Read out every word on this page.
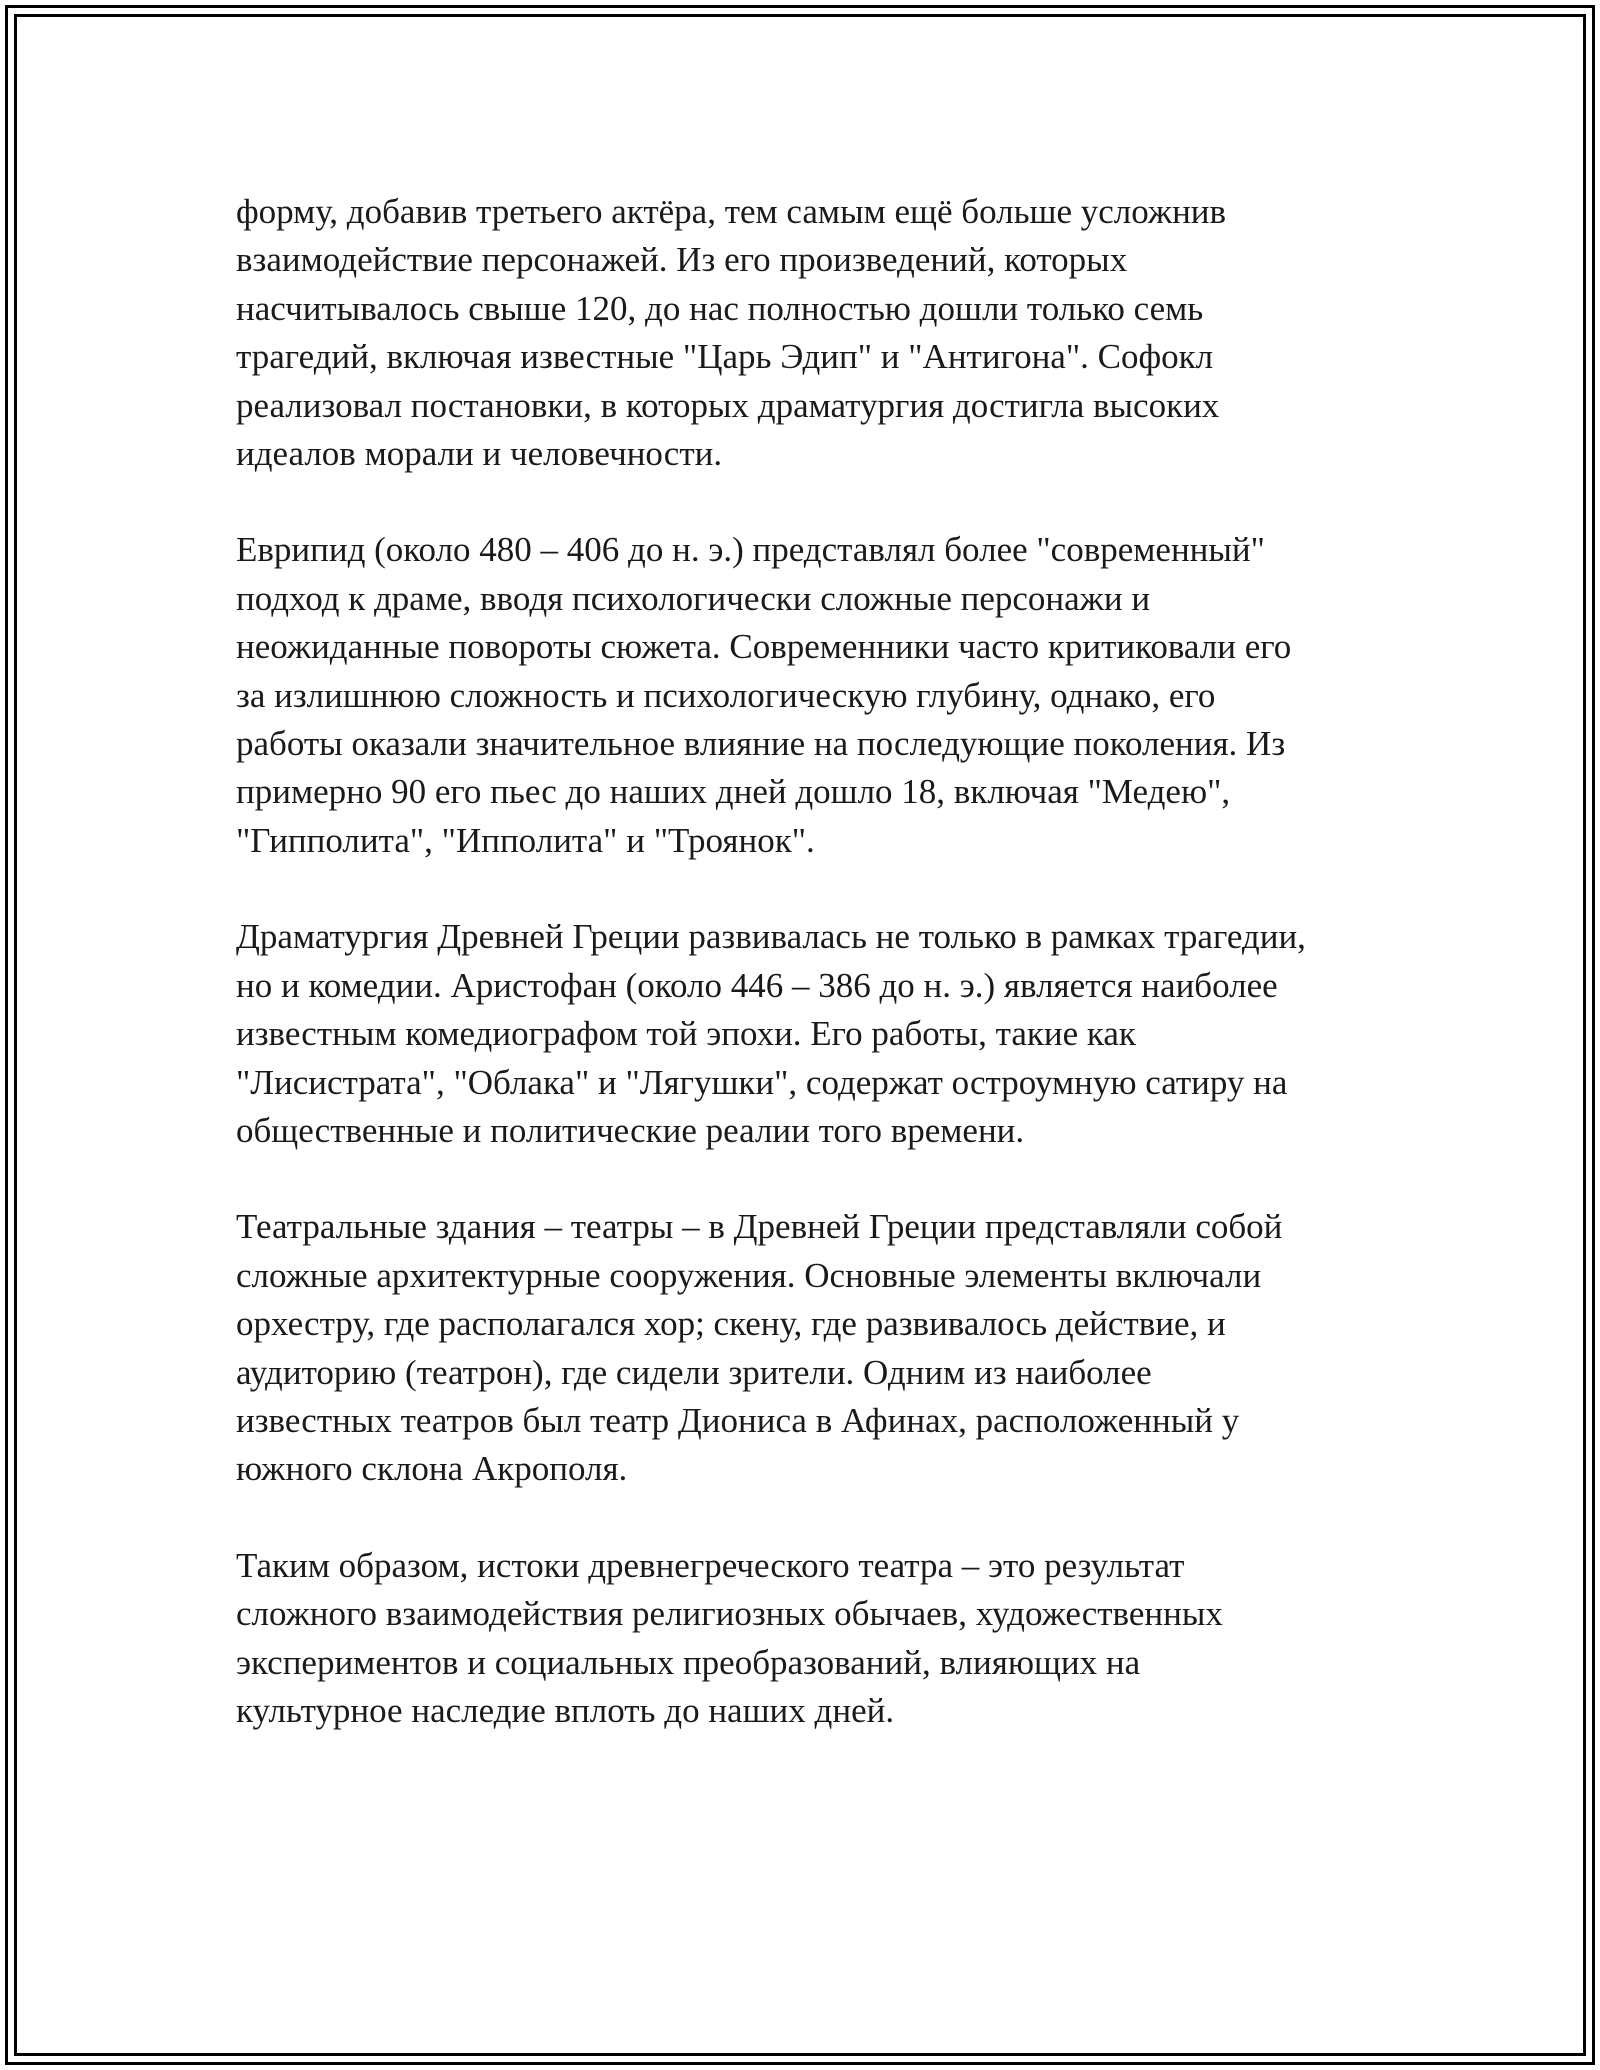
форму, добавив третьего актёра, тем самым ещё больше усложнив
взаимодействие персонажей. Из его произведений, которых
насчитывалось свыше 120, до нас полностью дошли только семь
трагедий, включая известные "Царь Эдип" и "Антигона". Софокл
реализовал постановки, в которых драматургия достигла высоких
идеалов морали и человечности.
Еврипид (около 480 – 406 до н. э.) представлял более "современный"
подход к драме, вводя психологически сложные персонажи и
неожиданные повороты сюжета. Современники часто критиковали его
за излишнюю сложность и психологическую глубину, однако, его
работы оказали значительное влияние на последующие поколения. Из
примерно 90 его пьес до наших дней дошло 18, включая "Медею",
"Гипполита", "Ипполита" и "Троянок".
Драматургия Древней Греции развивалась не только в рамках трагедии,
но и комедии. Аристофан (около 446 – 386 до н. э.) является наиболее
известным комедиографом той эпохи. Его работы, такие как
"Лисистрата", "Облака" и "Лягушки", содержат остроумную сатиру на
общественные и политические реалии того времени.
Театральные здания – театры – в Древней Греции представляли собой
сложные архитектурные сооружения. Основные элементы включали
орхестру, где располагался хор; скену, где развивалось действие, и
аудиторию (театрон), где сидели зрители. Одним из наиболее
известных театров был театр Диониса в Афинах, расположенный у
южного склона Акрополя.
Таким образом, истоки древнегреческого театра – это результат
сложного взаимодействия религиозных обычаев, художественных
экспериментов и социальных преобразований, влияющих на
культурное наследие вплоть до наших дней.
